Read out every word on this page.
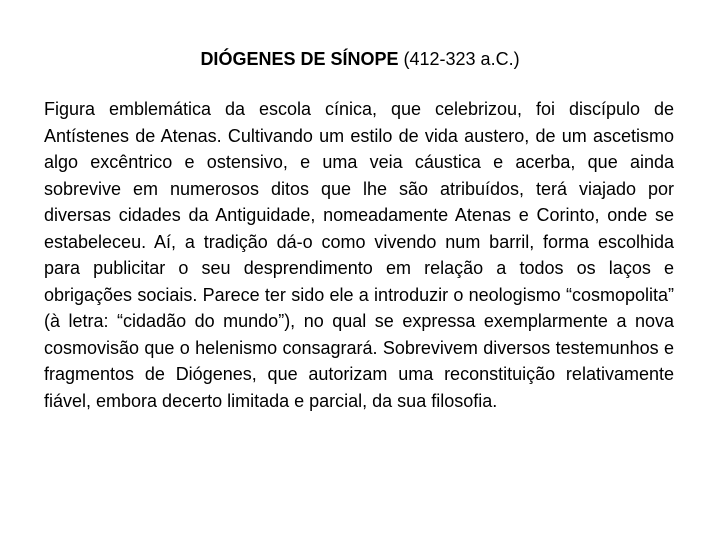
DIÓGENES DE SÍNOPE (412-323 a.C.)

Figura emblemática da escola cínica, que celebrizou, foi discípulo de Antístenes de Atenas. Cultivando um estilo de vida austero, de um ascetismo algo excêntrico e ostensivo, e uma veia cáustica e acerba, que ainda sobrevive em numerosos ditos que lhe são atribuídos, terá viajado por diversas cidades da Antiguidade, nomeadamente Atenas e Corinto, onde se estabeleceu. Aí, a tradição dá-o como vivendo num barril, forma escolhida para publicitar o seu desprendimento em relação a todos os laços e obrigações sociais. Parece ter sido ele a introduzir o neologismo “cosmopolita” (à letra: “cidadão do mundo”), no qual se expressa exemplarmente a nova cosmovisão que o helenismo consagrará. Sobrevivem diversos testemunhos e fragmentos de Diógenes, que autorizam uma reconstituição relativamente fiável, embora decerto limitada e parcial, da sua filosofia.
